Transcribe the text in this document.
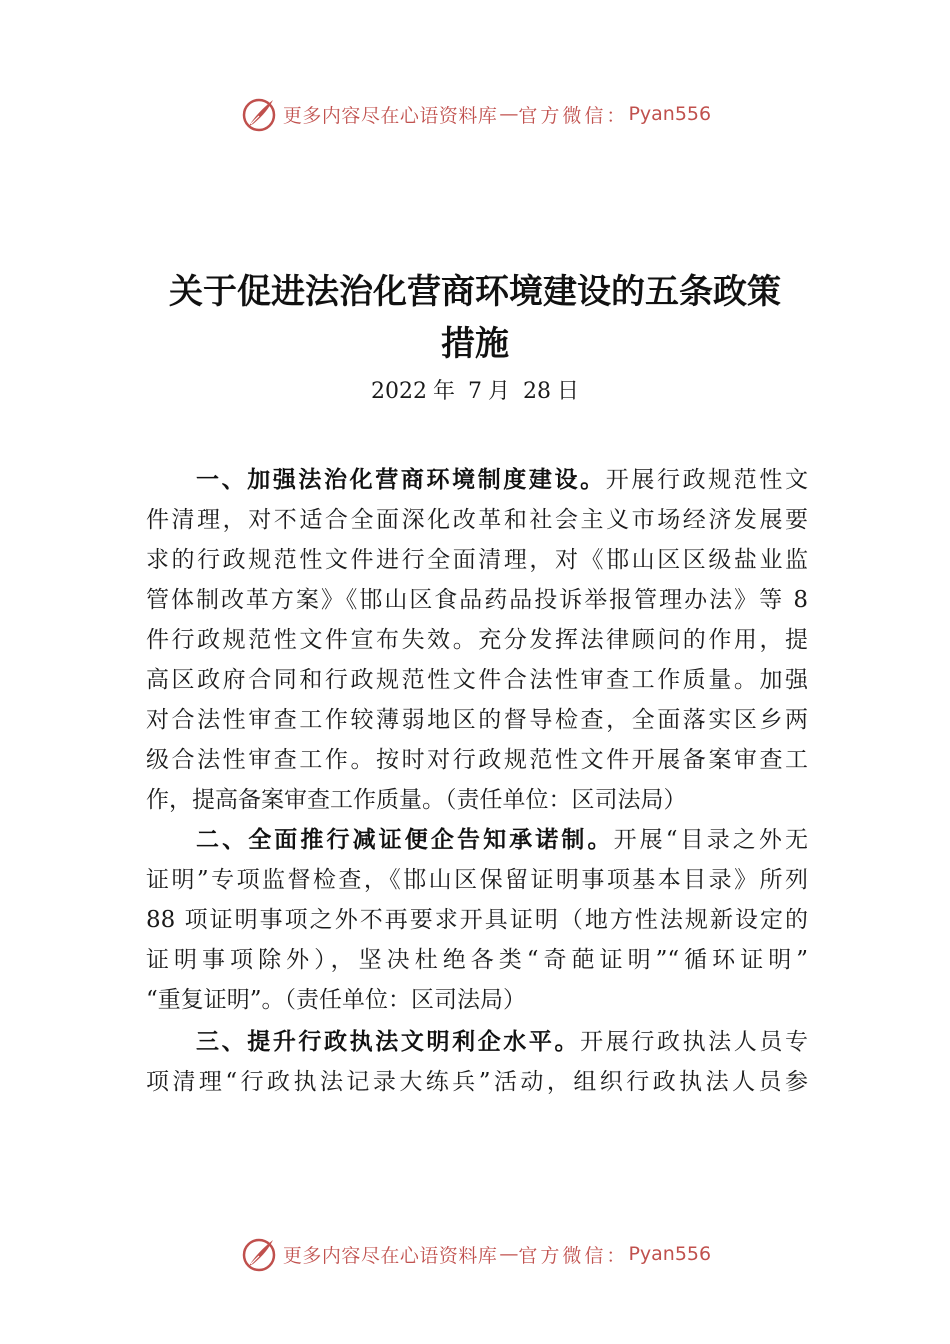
更多内容尽在心语资料库 — 官方微信： Pyan556
关于促进法治化营商环境建设的五条政策
措施
2022 年 7 月 28 日
一、加强法治化营商环境制度建设。开展行政规范性文
件清理，对不适合全面深化改革和社会主义市场经济发展要
求的行政规范性文件进行全面清理，对《邯山区区级盐业监
管体制改革方案》《邯山区食品药品投诉举报管理办法》等 8
件行政规范性文件宣布失效。充分发挥法律顾问的作用，提
高区政府合同和行政规范性文件合法性审查工作质量。加强
对合法性审查工作较薄弱地区的督导检查，全面落实区乡两
级合法性审查工作。按时对行政规范性文件开展备案审查工
作，提高备案审查工作质量。（责任单位：区司法局）
二、全面推行减证便企告知承诺制。开展“目录之外无
证明”专项监督检查，《邯山区保留证明事项基本目录》所列
88 项证明事项之外不再要求开具证明（地方性法规新设定的
证明事项除外），坚决杜绝各类“奇葩证明”“循环证明”
“重复证明”。（责任单位：区司法局）
三、提升行政执法文明利企水平。开展行政执法人员专
项清理“行政执法记录大练兵”活动，组织行政执法人员参
更多内容尽在心语资料库 — 官方微信： Pyan556
